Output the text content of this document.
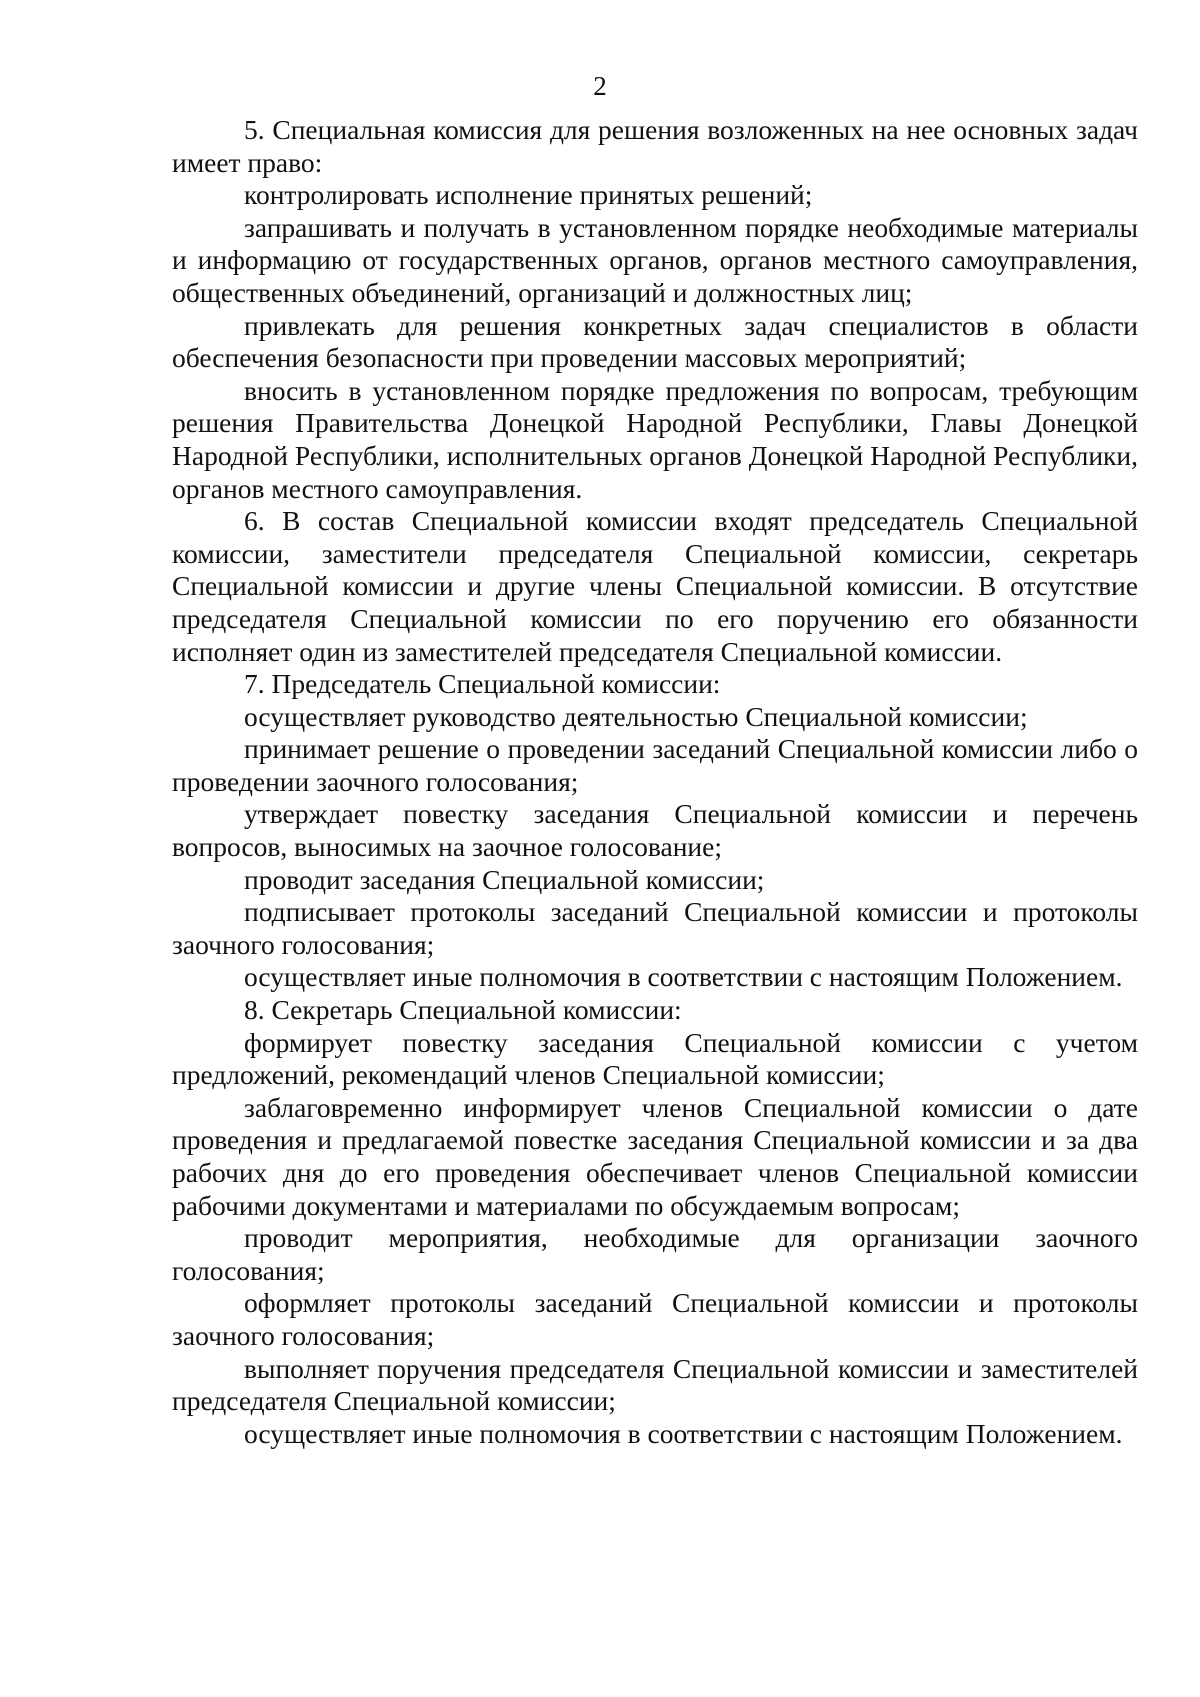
2

5. Специальная комиссия для решения возложенных на нее основных задач имеет право:

контролировать исполнение принятых решений;

запрашивать и получать в установленном порядке необходимые материалы и информацию от государственных органов, органов местного самоуправления, общественных объединений, организаций и должностных лиц;

привлекать для решения конкретных задач специалистов в области обеспечения безопасности при проведении массовых мероприятий;

вносить в установленном порядке предложения по вопросам, требующим решения Правительства Донецкой Народной Республики, Главы Донецкой Народной Республики, исполнительных органов Донецкой Народной Республики, органов местного самоуправления.

6. В состав Специальной комиссии входят председатель Специальной комиссии, заместители председателя Специальной комиссии, секретарь Специальной комиссии и другие члены Специальной комиссии. В отсутствие председателя Специальной комиссии по его поручению его обязанности исполняет один из заместителей председателя Специальной комиссии.

7. Председатель Специальной комиссии:

осуществляет руководство деятельностью Специальной комиссии;

принимает решение о проведении заседаний Специальной комиссии либо о проведении заочного голосования;

утверждает повестку заседания Специальной комиссии и перечень вопросов, выносимых на заочное голосование;

проводит заседания Специальной комиссии;

подписывает протоколы заседаний Специальной комиссии и протоколы заочного голосования;

осуществляет иные полномочия в соответствии с настоящим Положением.

8. Секретарь Специальной комиссии:

формирует повестку заседания Специальной комиссии с учетом предложений, рекомендаций членов Специальной комиссии;

заблаговременно информирует членов Специальной комиссии о дате проведения и предлагаемой повестке заседания Специальной комиссии и за два рабочих дня до его проведения обеспечивает членов Специальной комиссии рабочими документами и материалами по обсуждаемым вопросам;

проводит мероприятия, необходимые для организации заочного голосования;

оформляет протоколы заседаний Специальной комиссии и протоколы заочного голосования;

выполняет поручения председателя Специальной комиссии и заместителей председателя Специальной комиссии;

осуществляет иные полномочия в соответствии с настоящим Положением.
